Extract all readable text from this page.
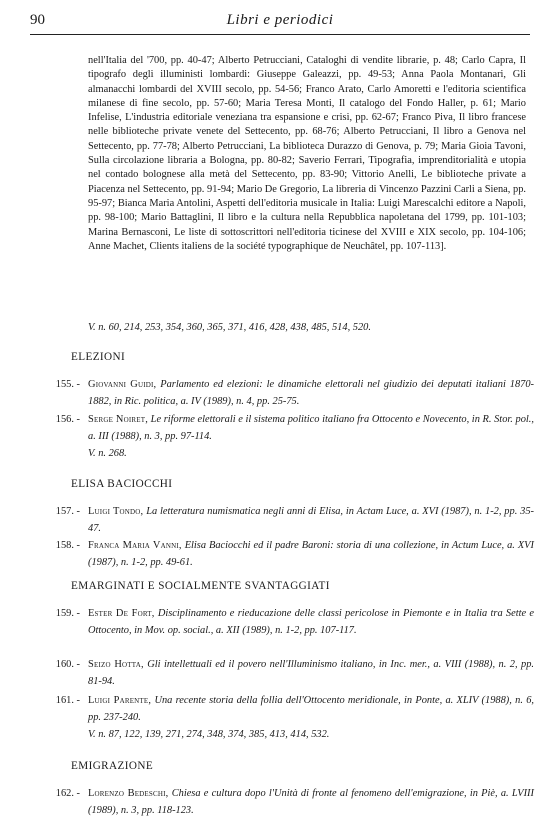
90	Libri e periodici
nell'Italia del '700, pp. 40-47; Alberto Petrucciani, Cataloghi di vendite librarie, p. 48; Carlo Capra, Il tipografo degli illuministi lombardi: Giuseppe Galeazzi, pp. 49-53; Anna Paola Montanari, Gli almanacchi lombardi del XVIII secolo, pp. 54-56; Franco Arato, Carlo Amoretti e l'editoria scientifica milanese di fine secolo, pp. 57-60; Maria Teresa Monti, Il catalogo del Fondo Haller, p. 61; Mario Infelise, L'industria editoriale veneziana tra espansione e crisi, pp. 62-67; Franco Piva, Il libro francese nelle biblioteche private venete del Settecento, pp. 68-76; Alberto Petrucciani, Il libro a Genova nel Settecento, pp. 77-78; Alberto Petrucciani, La biblioteca Durazzo di Genova, p. 79; Maria Gioia Tavoni, Sulla circolazione libraria a Bologna, pp. 80-82; Saverio Ferrari, Tipografia, imprenditorialità e utopia nel contado bolognese alla metà del Settecento, pp. 83-90; Vittorio Anelli, Le biblioteche private a Piacenza nel Settecento, pp. 91-94; Mario De Gregorio, La libreria di Vincenzo Pazzini Carli a Siena, pp. 95-97; Bianca Maria Antolini, Aspetti dell'editoria musicale in Italia: Luigi Marescalchi editore a Napoli, pp. 98-100; Mario Battaglini, Il libro e la cultura nella Repubblica napoletana del 1799, pp. 101-103; Marina Bernasconi, Le liste di sottoscrittori nell'editoria ticinese del XVIII e XIX secolo, pp. 104-106; Anne Machet, Clients italiens de la société typographique de Neuchâtel, pp. 107-113].
V. n. 60, 214, 253, 354, 360, 365, 371, 416, 428, 438, 485, 514, 520.
ELEZIONI
155. - Giovanni Guidi, Parlamento ed elezioni: le dinamiche elettorali nel giudizio dei deputati italiani 1870-1882, in Ric. politica, a. IV (1989), n. 4, pp. 25-75.
156. - Serge Noiret, Le riforme elettorali e il sistema politico italiano fra Ottocento e Novecento, in R. Stor. pol., a. III (1988), n. 3, pp. 97-114.
V. n. 268.
ELISA BACIOCCHI
157. - Luigi Tondo, La letteratura numismatica negli anni di Elisa, in Actam Luce, a. XVI (1987), n. 1-2, pp. 35-47.
158. - Franca Maria Vanni, Elisa Baciocchi ed il padre Baroni: storia di una collezione, in Actum Luce, a. XVI (1987), n. 1-2, pp. 49-61.
EMARGINATI E SOCIALMENTE SVANTAGGIATI
159. - Ester De Fort, Disciplinamento e rieducazione delle classi pericolose in Piemonte e in Italia tra Sette e Ottocento, in Mov. op. social., a. XII (1989), n. 1-2, pp. 107-117.
160. - Seizo Hotta, Gli intellettuali ed il povero nell'Illuminismo italiano, in Inc. mer., a. VIII (1988), n. 2, pp. 81-94.
161. - Luigi Parente, Una recente storia della follia dell'Ottocento meridionale, in Ponte, a. XLIV (1988), n. 6, pp. 237-240.
V. n. 87, 122, 139, 271, 274, 348, 374, 385, 413, 414, 532.
EMIGRAZIONE
162. - Lorenzo Bedeschi, Chiesa e cultura dopo l'Unità di fronte al fenomeno dell'emigrazione, in Piè, a. LVIII (1989), n. 3, pp. 118-123.
